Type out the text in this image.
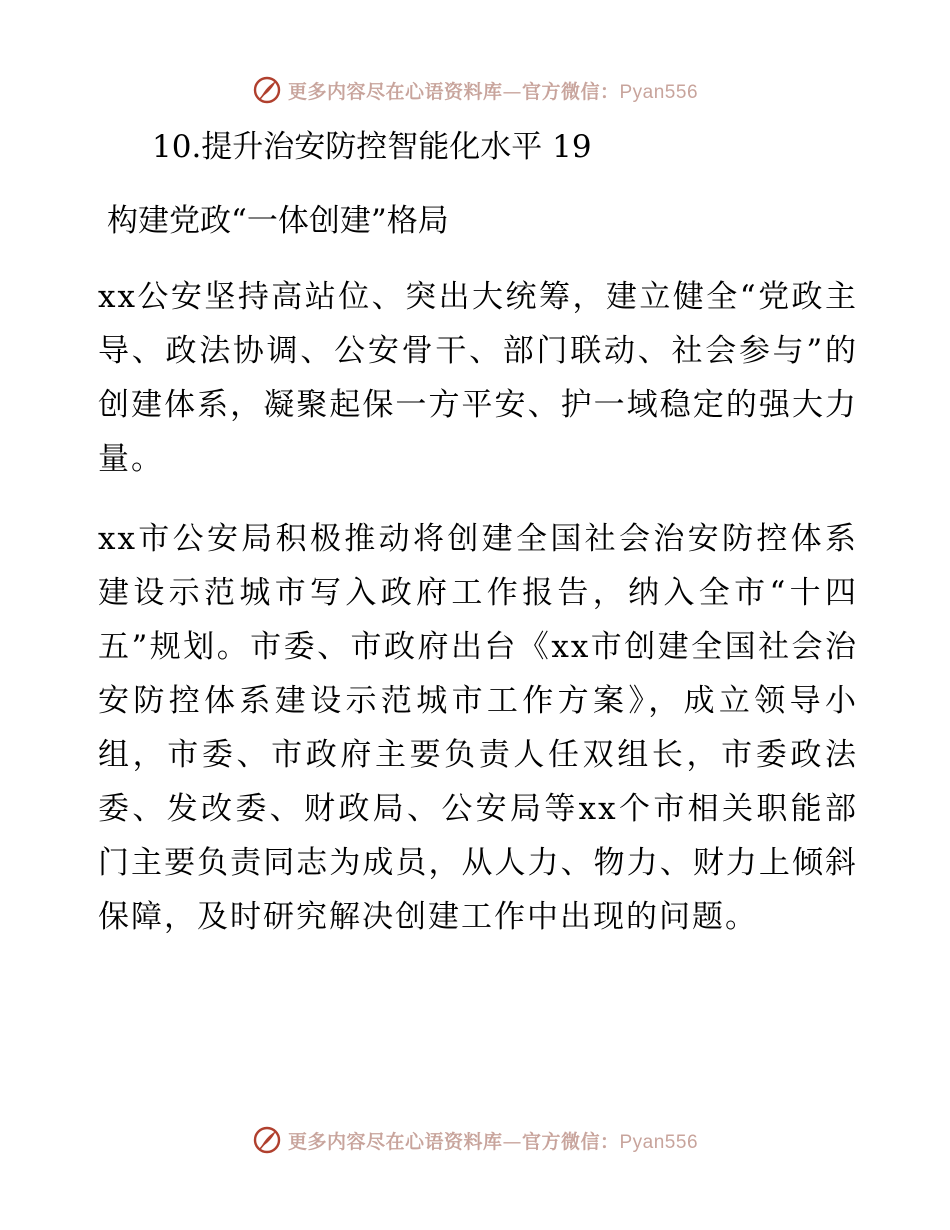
更多内容尽在心语资料库—官方微信：Pyan556

10.提升治安防控智能化水平 19

构建党政“一体创建”格局

xx公安坚持高站位、突出大统筹，建立健全“党政主导、政法协调、公安骨干、部门联动、社会参与”的创建体系，凝聚起保一方平安、护一域稳定的强大力量。

xx市公安局积极推动将创建全国社会治安防控体系建设示范城市写入政府工作报告，纳入全市“十四五”规划。市委、市政府出台《xx市创建全国社会治安防控体系建设示范城市工作方案》，成立领导小组，市委、市政府主要负责人任双组长，市委政法委、发改委、财政局、公安局等xx个市相关职能部门主要负责同志为成员，从人力、物力、财力上倾斜保障，及时研究解决创建工作中出现的问题。

更多内容尽在心语资料库—官方微信：Pyan556
